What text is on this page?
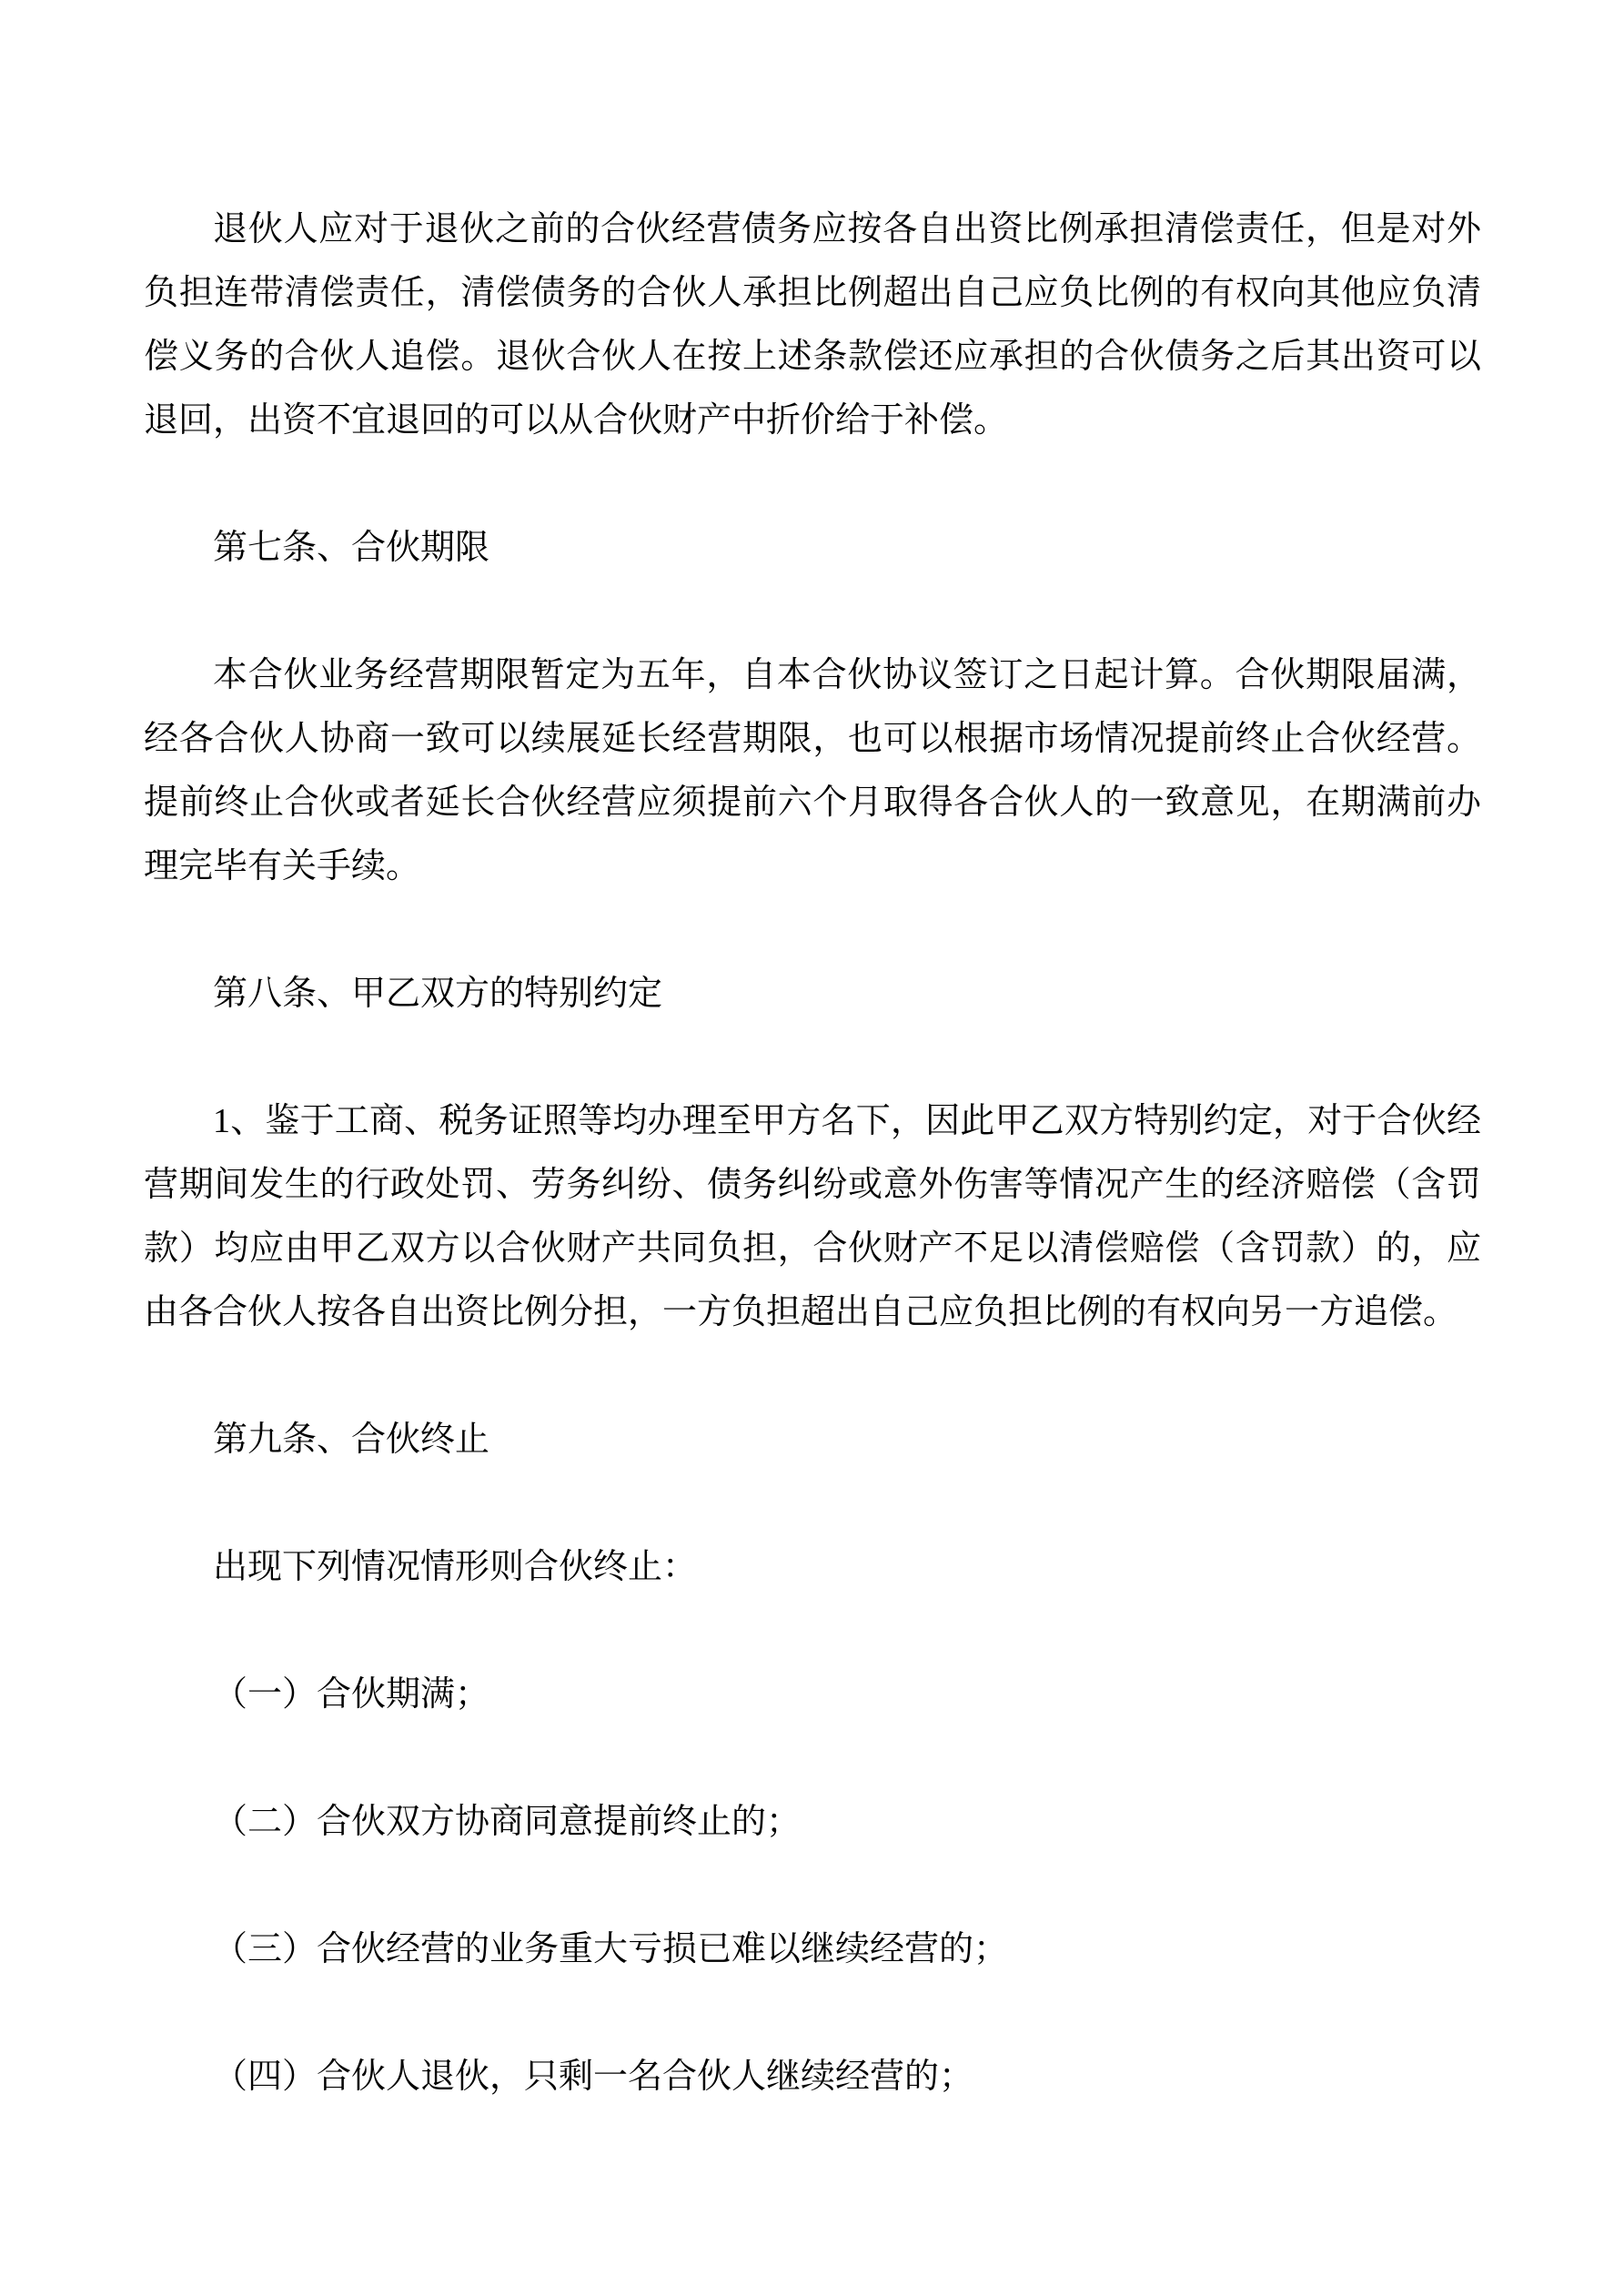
退伙人应对于退伙之前的合伙经营债务应按各自出资比例承担清偿责任，但是对外负担连带清偿责任，清偿债务的合伙人承担比例超出自己应负比例的有权向其他应负清偿义务的合伙人追偿。退伙合伙人在按上述条款偿还应承担的合伙债务之后其出资可以退回，出资不宜退回的可以从合伙财产中折价给于补偿。

第七条、合伙期限

本合伙业务经营期限暂定为五年，自本合伙协议签订之日起计算。合伙期限届满，经各合伙人协商一致可以续展延长经营期限，也可以根据市场情况提前终止合伙经营。提前终止合伙或者延长合伙经营应须提前六个月取得各合伙人的一致意见，在期满前办理完毕有关手续。

第八条、甲乙双方的特别约定

1、鉴于工商、税务证照等均办理至甲方名下，因此甲乙双方特别约定，对于合伙经营期间发生的行政处罚、劳务纠纷、债务纠纷或意外伤害等情况产生的经济赔偿（含罚款）均应由甲乙双方以合伙财产共同负担，合伙财产不足以清偿赔偿（含罚款）的，应由各合伙人按各自出资比例分担，一方负担超出自己应负担比例的有权向另一方追偿。

第九条、合伙终止

出现下列情况情形则合伙终止：

（一）合伙期满；

（二）合伙双方协商同意提前终止的；

（三）合伙经营的业务重大亏损已难以继续经营的；

（四）合伙人退伙，只剩一名合伙人继续经营的；
